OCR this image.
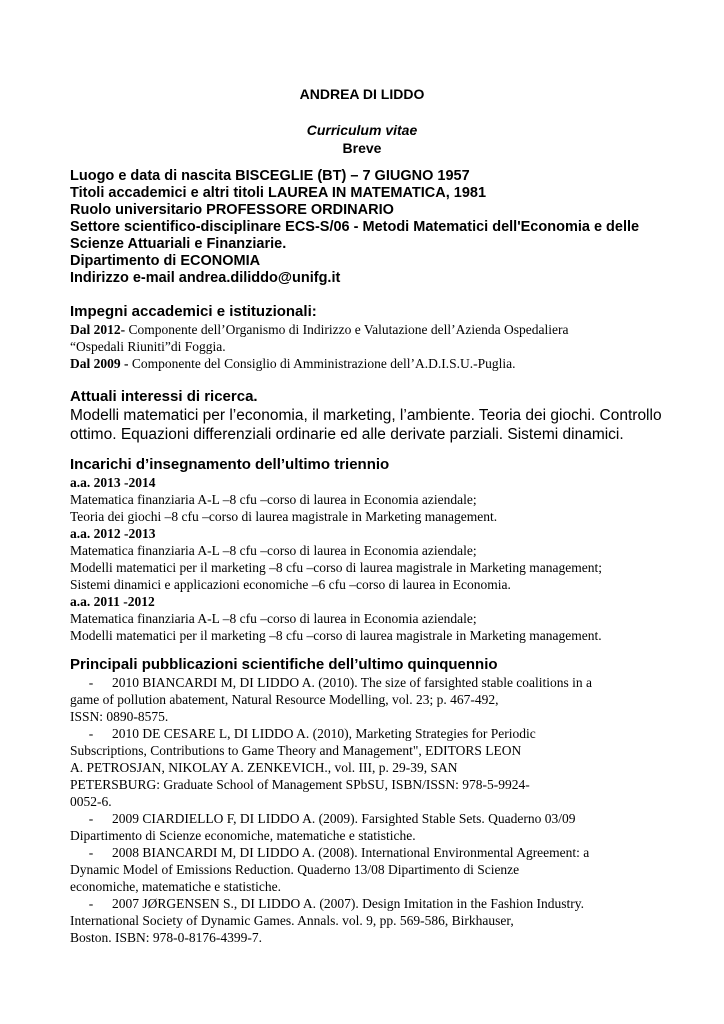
ANDREA DI LIDDO

Curriculum vitae

Breve

Luogo e data di nascita BISCEGLIE (BT) – 7 GIUGNO 1957

Titoli accademici e altri titoli LAUREA IN MATEMATICA, 1981

Ruolo universitario PROFESSORE ORDINARIO

Settore scientifico-disciplinare ECS-S/06 - Metodi Matematici dell'Economia e delle

Scienze Attuariali e Finanziarie.

Dipartimento di ECONOMIA

Indirizzo e-mail andrea.diliddo@unifg.it

Impegni accademici e istituzionali:

Dal 2012- Componente dell’Organismo di Indirizzo e Valutazione dell’Azienda Ospedaliera

“Ospedali Riuniti”di Foggia.

Dal 2009 - Componente del Consiglio di Amministrazione dell’A.D.I.S.U.-Puglia.

Attuali interessi di ricerca.

Modelli matematici per l’economia, il marketing, l’ambiente. Teoria dei giochi. Controllo

ottimo. Equazioni differenziali ordinarie ed alle derivate parziali. Sistemi dinamici.

Incarichi d’insegnamento dell’ultimo triennio

a.a. 2013 -2014

Matematica finanziaria A-L –8 cfu –corso di laurea in Economia aziendale;

Teoria dei giochi –8 cfu –corso di laurea magistrale in Marketing management.

a.a. 2012 -2013

Matematica finanziaria A-L –8 cfu –corso di laurea in Economia aziendale;

Modelli matematici per il marketing –8 cfu –corso di laurea magistrale in Marketing management;

Sistemi dinamici e applicazioni economiche –6 cfu –corso di laurea in Economia.

a.a. 2011 -2012

Matematica finanziaria A-L –8 cfu –corso di laurea in Economia aziendale;

Modelli matematici per il marketing –8 cfu –corso di laurea magistrale in Marketing management.

Principali pubblicazioni scientifiche dell’ultimo quinquennio

- 2010 BIANCARDI M, DI LIDDO A. (2010). The size of farsighted stable coalitions in a

game of pollution abatement, Natural Resource Modelling, vol. 23; p. 467-492,

ISSN: 0890-8575.

- 2010 DE CESARE L, DI LIDDO A. (2010), Marketing Strategies for Periodic

Subscriptions, Contributions to Game Theory and Management", EDITORS LEON

A. PETROSJAN, NIKOLAY A. ZENKEVICH., vol. III, p. 29-39, SAN

PETERSBURG: Graduate School of Management SPbSU, ISBN/ISSN: 978-5-9924-

0052-6.

- 2009 CIARDIELLO F, DI LIDDO A. (2009). Farsighted Stable Sets. Quaderno 03/09

Dipartimento di Scienze economiche, matematiche e statistiche.

- 2008 BIANCARDI M, DI LIDDO A. (2008). International Environmental Agreement: a

Dynamic Model of Emissions Reduction. Quaderno 13/08 Dipartimento di Scienze

economiche, matematiche e statistiche.

- 2007 JØRGENSEN S., DI LIDDO A. (2007). Design Imitation in the Fashion Industry.

International Society of Dynamic Games. Annals. vol. 9, pp. 569-586, Birkhauser,

Boston. ISBN: 978-0-8176-4399-7.
